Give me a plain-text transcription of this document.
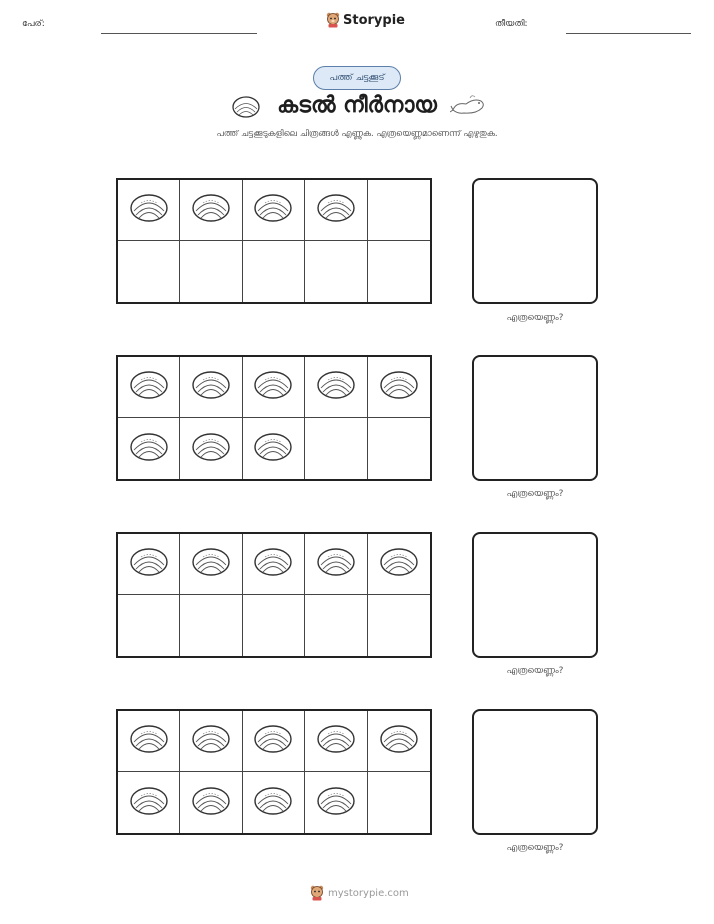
പേര്:	Storypie	തീയതി:
പത്ത് ചട്ടക്കൂട്
കടൽ നീർനായ
പത്ത് ചട്ടക്കൂടുകളിലെ ചിത്രങ്ങൾ എണ്ണുക. എത്രയെണ്ണമാണെന്ന് എഴുതുക.
എത്രയെണ്ണം?
എത്രയെണ്ണം?
എത്രയെണ്ണം?
എത്രയെണ്ണം?
mystorypie.com
